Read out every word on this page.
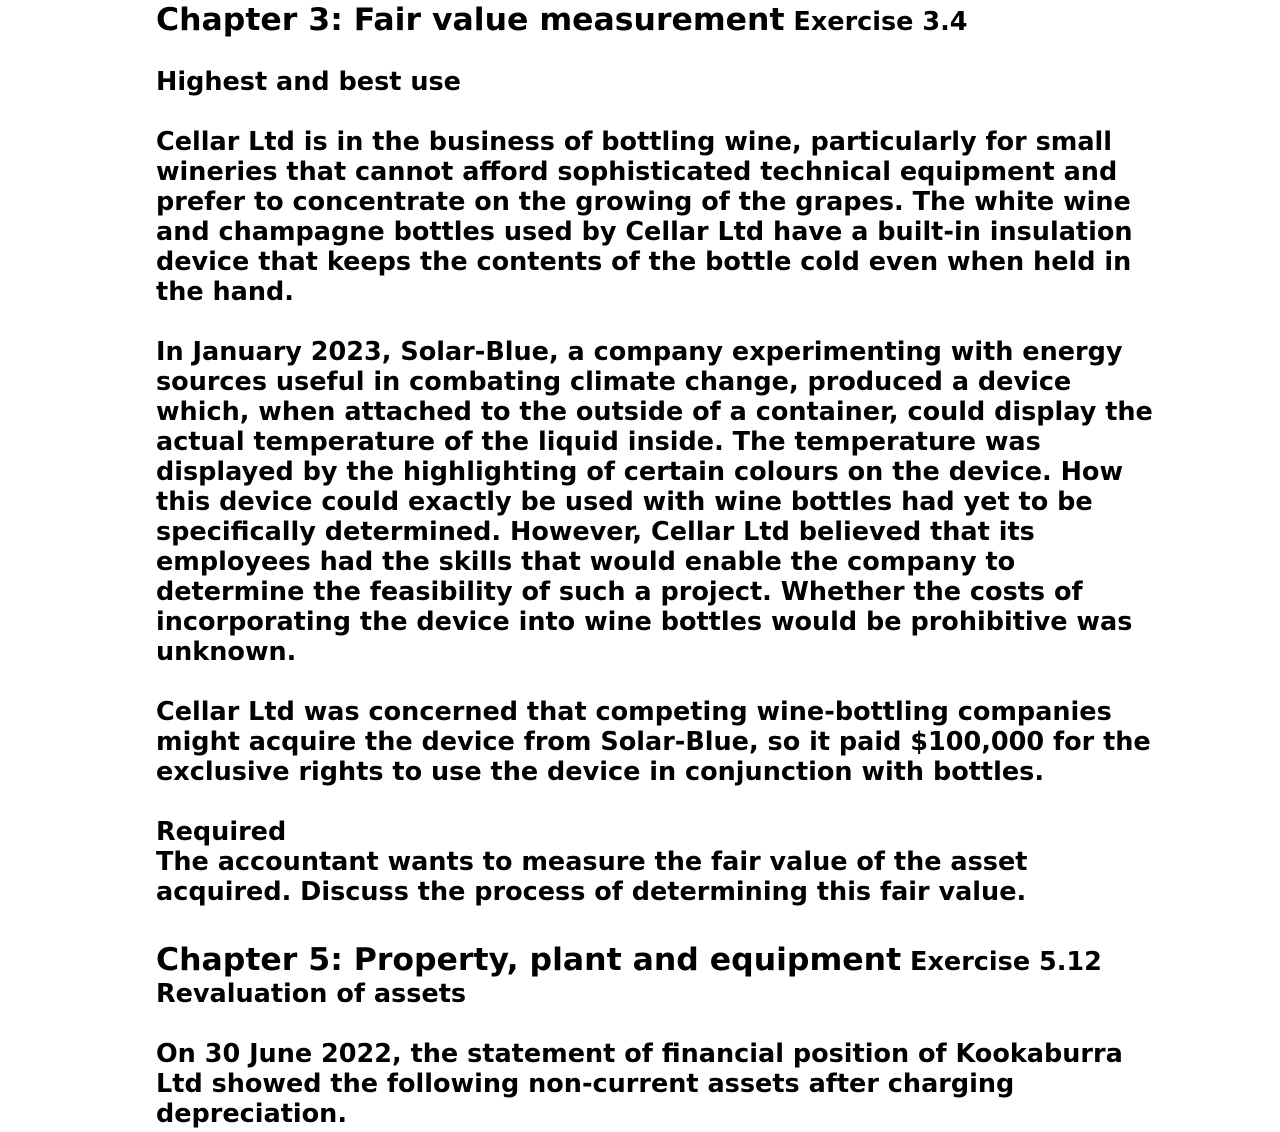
Chapter 3: Fair value measurement Exercise 3.4

Highest and best use

Cellar Ltd is in the business of bottling wine, particularly for small wineries that cannot afford sophisticated technical equipment and prefer to concentrate on the growing of the grapes. The white wine and champagne bottles used by Cellar Ltd have a built-in insulation device that keeps the contents of the bottle cold even when held in the hand.

In January 2023, Solar-Blue, a company experimenting with energy sources useful in combating climate change, produced a device which, when attached to the outside of a container, could display the actual temperature of the liquid inside. The temperature was displayed by the highlighting of certain colours on the device. How this device could exactly be used with wine bottles had yet to be specifically determined. However, Cellar Ltd believed that its employees had the skills that would enable the company to determine the feasibility of such a project. Whether the costs of incorporating the device into wine bottles would be prohibitive was unknown.

Cellar Ltd was concerned that competing wine-bottling companies might acquire the device from Solar-Blue, so it paid $100,000 for the exclusive rights to use the device in conjunction with bottles.

Required

The accountant wants to measure the fair value of the asset acquired. Discuss the process of determining this fair value.

Chapter 5: Property, plant and equipment Exercise 5.12

Revaluation of assets

On 30 June 2022, the statement of financial position of Kookaburra Ltd showed the following non-current assets after charging depreciation.
